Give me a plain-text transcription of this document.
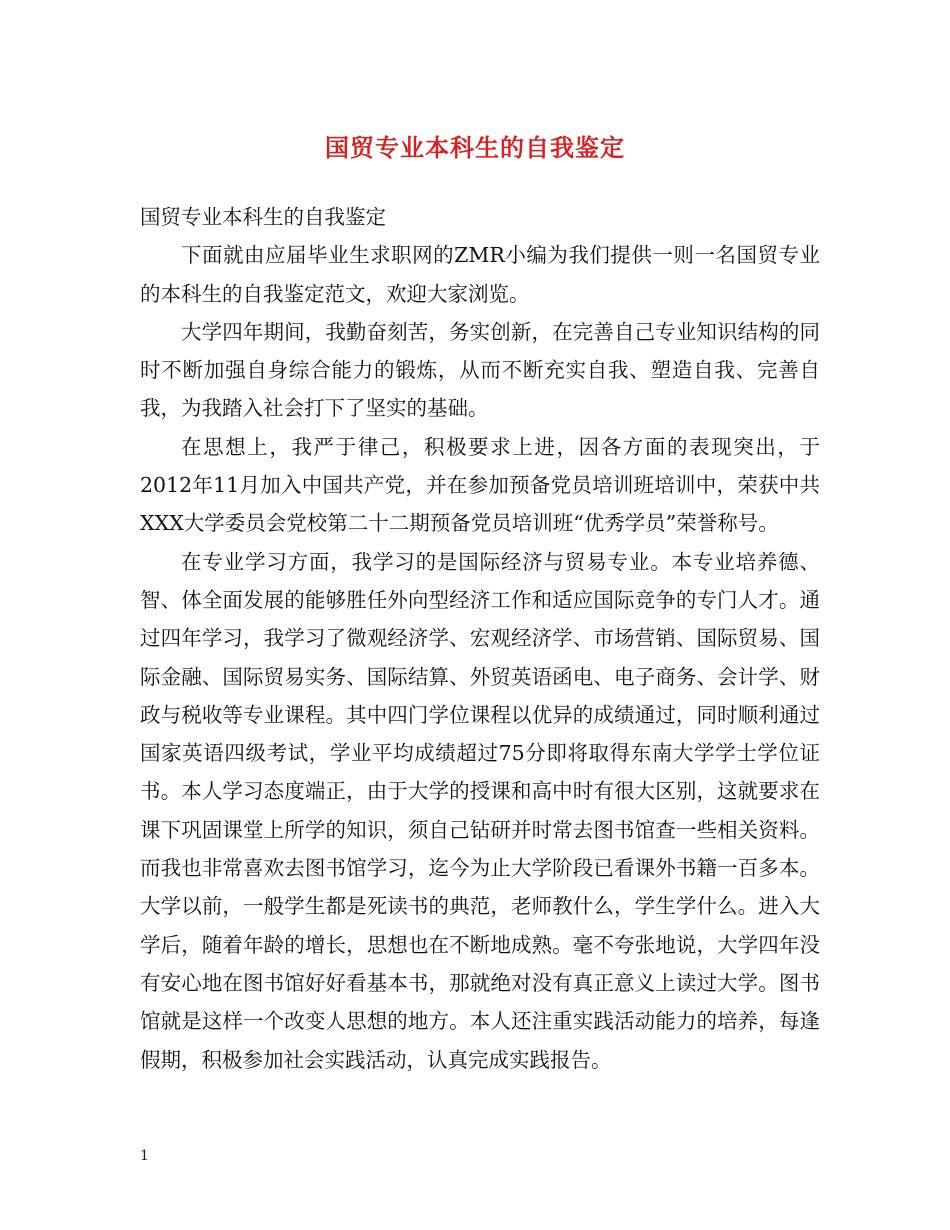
国贸专业本科生的自我鉴定

国贸专业本科生的自我鉴定

下面就由应届毕业生求职网的ZMR小编为我们提供一则一名国贸专业的本科生的自我鉴定范文，欢迎大家浏览。

大学四年期间，我勤奋刻苦，务实创新，在完善自己专业知识结构的同时不断加强自身综合能力的锻炼，从而不断充实自我、塑造自我、完善自我，为我踏入社会打下了坚实的基础。

在思想上，我严于律己，积极要求上进，因各方面的表现突出，于2012年11月加入中国共产党，并在参加预备党员培训班培训中，荣获中共XXX大学委员会党校第二十二期预备党员培训班“优秀学员”荣誉称号。

在专业学习方面，我学习的是国际经济与贸易专业。本专业培养德、智、体全面发展的能够胜任外向型经济工作和适应国际竞争的专门人才。通过四年学习，我学习了微观经济学、宏观经济学、市场营销、国际贸易、国际金融、国际贸易实务、国际结算、外贸英语函电、电子商务、会计学、财政与税收等专业课程。其中四门学位课程以优异的成绩通过，同时顺利通过国家英语四级考试，学业平均成绩超过75分即将取得东南大学学士学位证书。本人学习态度端正，由于大学的授课和高中时有很大区别，这就要求在课下巩固课堂上所学的知识，须自己钻研并时常去图书馆查一些相关资料。而我也非常喜欢去图书馆学习，迄今为止大学阶段已看课外书籍一百多本。大学以前，一般学生都是死读书的典范，老师教什么，学生学什么。进入大学后，随着年龄的增长，思想也在不断地成熟。毫不夸张地说，大学四年没有安心地在图书馆好好看基本书，那就绝对没有真正意义上读过大学。图书馆就是这样一个改变人思想的地方。本人还注重实践活动能力的培养，每逢假期，积极参加社会实践活动，认真完成实践报告。

1
